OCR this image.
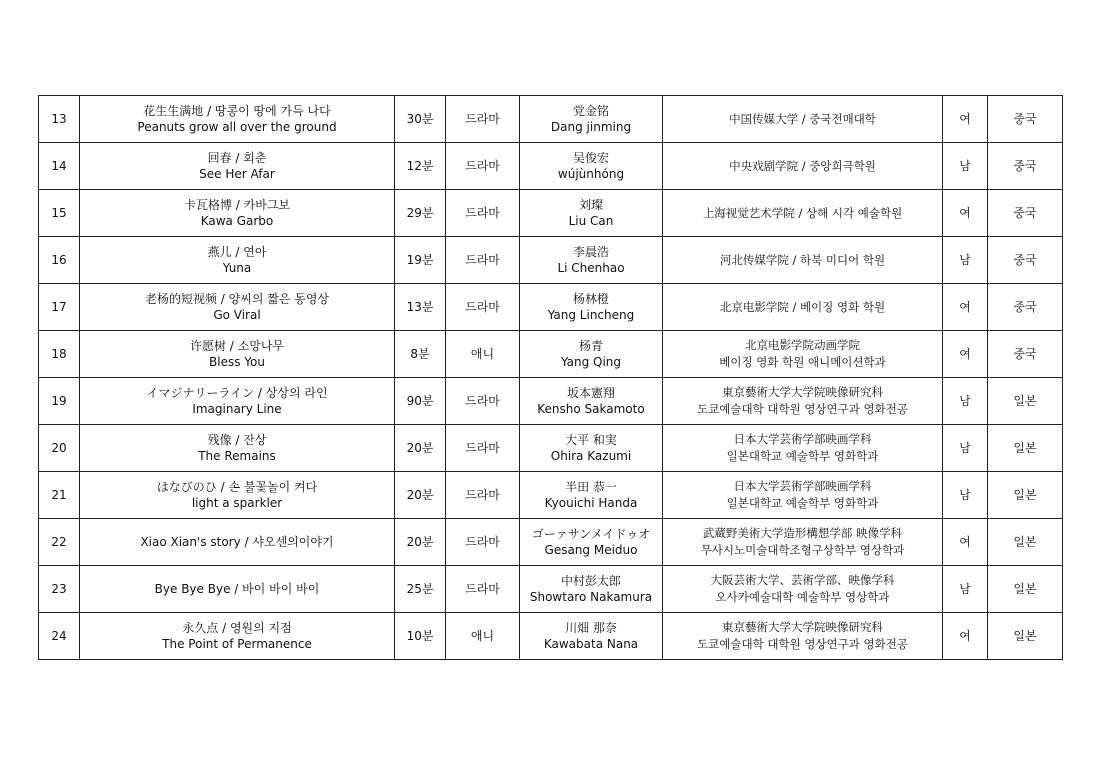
13	花生生满地 / 땅콩이 땅에 가득 나다
Peanuts grow all over the ground	30분	드라마	党金铭
Dang jinming	中国传媒大学 / 중국전매대학	여	중국

14	回春 / 회춘
See Her Afar	12분	드라마	吴俊宏
wújùnhóng	中央戏剧学院 / 중앙희극학원	남	중국

15	卡瓦格博 / 카바그보
Kawa Garbo	29분	드라마	刘璨
Liu Can	上海视觉艺术学院 / 상해 시각 예술학원	여	중국

16	燕儿 / 연아
Yuna	19분	드라마	李晨浩
Li Chenhao	河北传媒学院 / 하북 미디어 학원	남	중국

17	老杨的短视频 / 양씨의 짧은 동영상
Go Viral	13분	드라마	杨林橙
Yang Lincheng	北京电影学院 / 베이징 영화 학원	여	중국

18	许愿树 / 소망나무
Bless You	8분	애니	杨青
Yang Qing	北京电影学院动画学院
베이징 영화 학원 애니메이션학과	여	중국

19	イマジナリーライン / 상상의 라인
Imaginary Line	90분	드라마	坂本憲翔
Kensho Sakamoto	東京藝術大学大学院映像研究科
도쿄예술대학 대학원 영상연구과 영화전공	남	일본

20	残像 / 잔상
The Remains	20분	드라마	大平 和実
Ohira Kazumi	日本大学芸術学部映画学科
일본대학교 예술학부 영화학과	남	일본

21	はなびのひ / 손 불꽃놀이 켜다
light a sparkler	20분	드라마	半田 恭一
Kyouichi Handa	日本大学芸術学部映画学科
일본대학교 예술학부 영화학과	남	일본

22	Xiao Xian's story / 샤오센의이야기	20분	드라마	ゴーァサンメイドゥオ
Gesang Meiduo	武蔵野美術大学造形構想学部 映像学科
무사시노미술대학조형구상학부 영상학과	여	일본

23	Bye Bye Bye / 바이 바이 바이	25분	드라마	中村彭太郎
Showtaro Nakamura	大阪芸術大学、芸術学部、映像学科
오사카예술대학 예술학부 영상학과	남	일본

24	永久点 / 영원의 지점
The Point of Permanence	10분	애니	川畑 那奈
Kawabata Nana	東京藝術大学大学院映像研究科
도쿄예술대학 대학원 영상연구과 영화전공	여	일본
